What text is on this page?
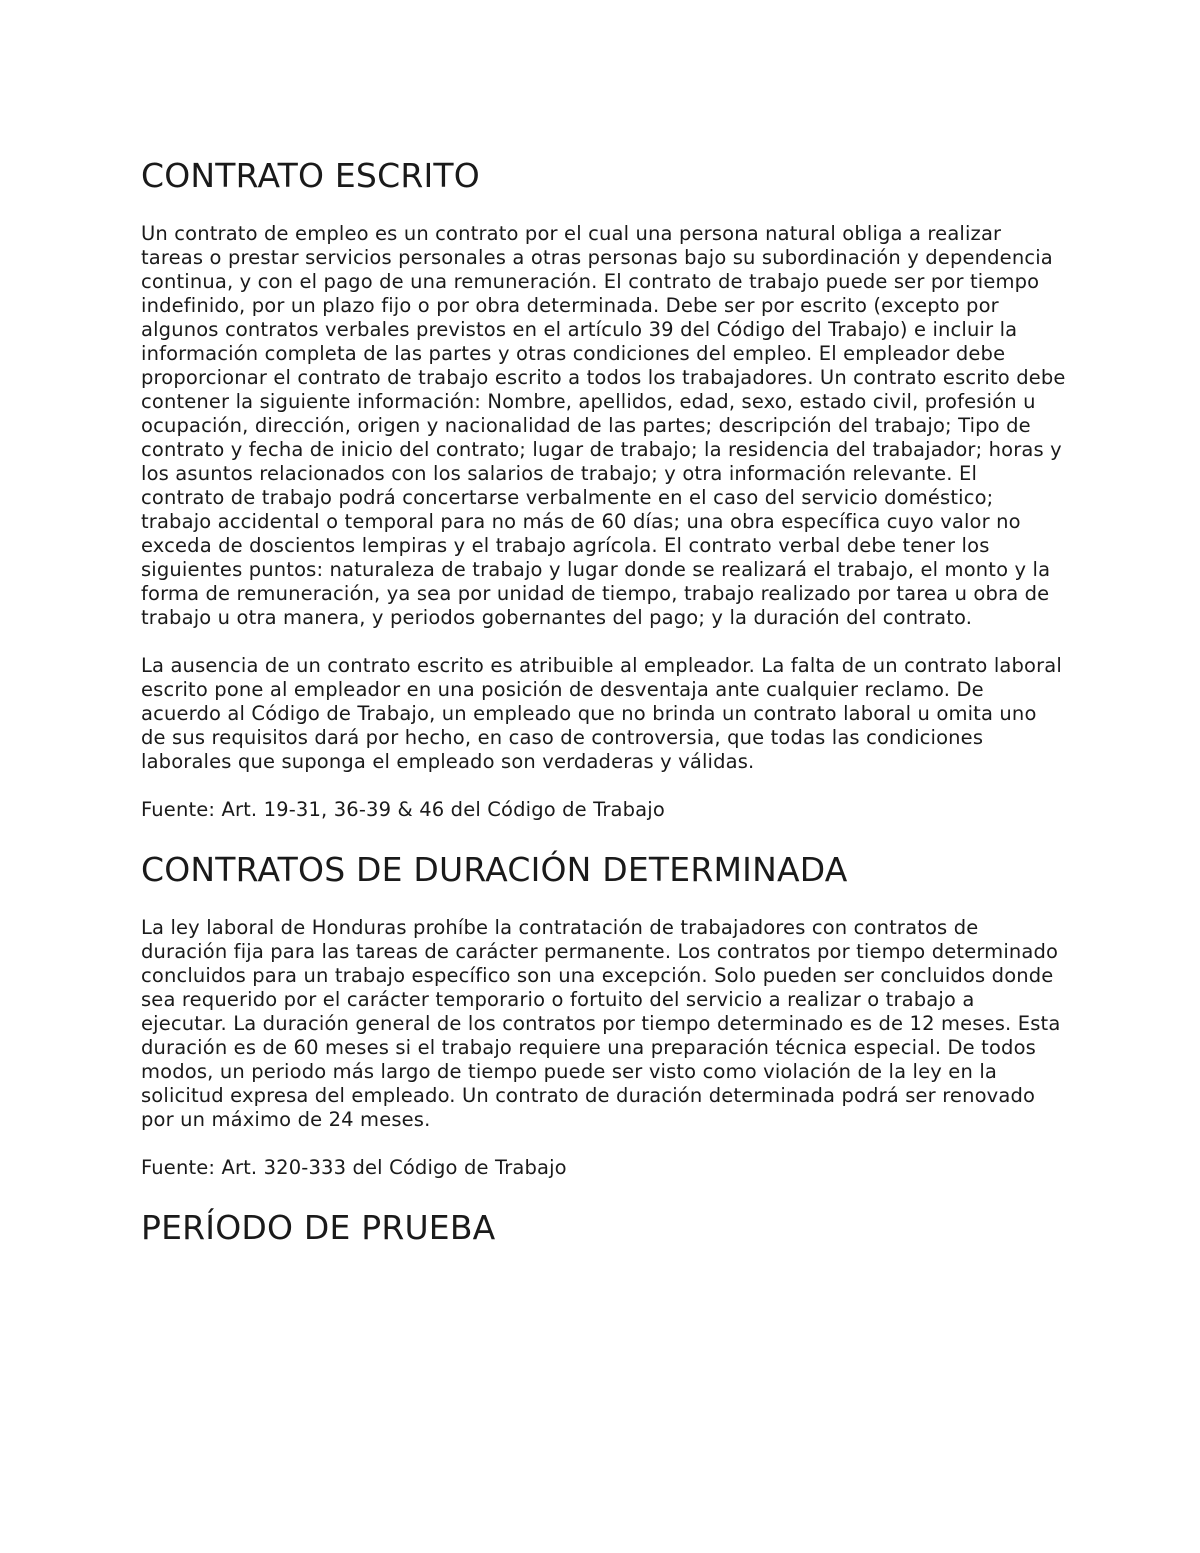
CONTRATO ESCRITO

Un contrato de empleo es un contrato por el cual una persona natural obliga a realizar tareas o prestar servicios personales a otras personas bajo su subordinación y dependencia continua, y con el pago de una remuneración. El contrato de trabajo puede ser por tiempo indefinido, por un plazo fijo o por obra determinada. Debe ser por escrito (excepto por algunos contratos verbales previstos en el artículo 39 del Código del Trabajo) e incluir la información completa de las partes y otras condiciones del empleo. El empleador debe proporcionar el contrato de trabajo escrito a todos los trabajadores. Un contrato escrito debe contener la siguiente información: Nombre, apellidos, edad, sexo, estado civil, profesión u ocupación, dirección, origen y nacionalidad de las partes; descripción del trabajo; Tipo de contrato y fecha de inicio del contrato; lugar de trabajo; la residencia del trabajador; horas y los asuntos relacionados con los salarios de trabajo; y otra información relevante. El contrato de trabajo podrá concertarse verbalmente en el caso del servicio doméstico; trabajo accidental o temporal para no más de 60 días; una obra específica cuyo valor no exceda de doscientos lempiras y el trabajo agrícola. El contrato verbal debe tener los siguientes puntos: naturaleza de trabajo y lugar donde se realizará el trabajo, el monto y la forma de remuneración, ya sea por unidad de tiempo, trabajo realizado por tarea u obra de trabajo u otra manera, y periodos gobernantes del pago; y la duración del contrato.

La ausencia de un contrato escrito es atribuible al empleador. La falta de un contrato laboral escrito pone al empleador en una posición de desventaja ante cualquier reclamo. De acuerdo al Código de Trabajo, un empleado que no brinda un contrato laboral u omita uno de sus requisitos dará por hecho, en caso de controversia, que todas las condiciones laborales que suponga el empleado son verdaderas y válidas.

Fuente: Art. 19-31, 36-39 & 46 del Código de Trabajo

CONTRATOS DE DURACIÓN DETERMINADA

La ley laboral de Honduras prohíbe la contratación de trabajadores con contratos de duración fija para las tareas de carácter permanente. Los contratos por tiempo determinado concluidos para un trabajo específico son una excepción. Solo pueden ser concluidos donde sea requerido por el carácter temporario o fortuito del servicio a realizar o trabajo a ejecutar. La duración general de los contratos por tiempo determinado es de 12 meses. Esta duración es de 60 meses si el trabajo requiere una preparación técnica especial. De todos modos, un periodo más largo de tiempo puede ser visto como violación de la ley en la solicitud expresa del empleado. Un contrato de duración determinada podrá ser renovado por un máximo de 24 meses.

Fuente: Art. 320-333 del Código de Trabajo

PERÍODO DE PRUEBA
